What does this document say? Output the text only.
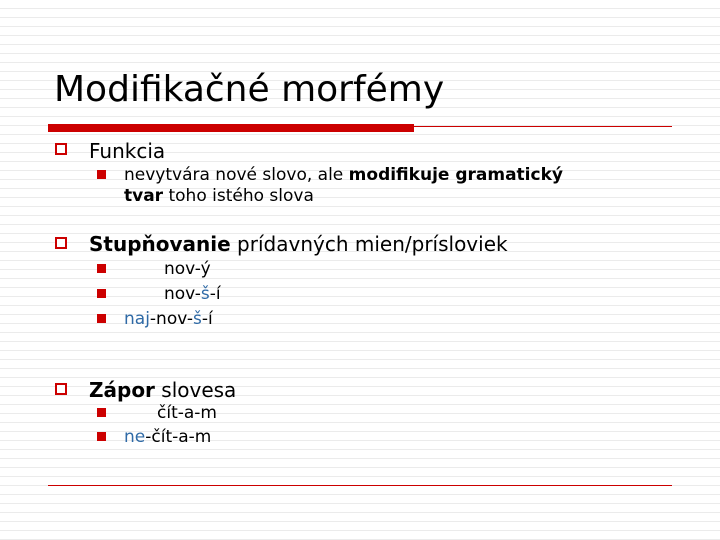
Modifikačné morfémy
Funkcia
nevytvára nové slovo, ale modifikuje gramatický
tvar toho istého slova
Stupňovanie prídavných mien/prísloviek
nov-ý
nov-š-í
naj-nov-š-í
Zápor slovesa
čít-a-m
ne-čít-a-m
